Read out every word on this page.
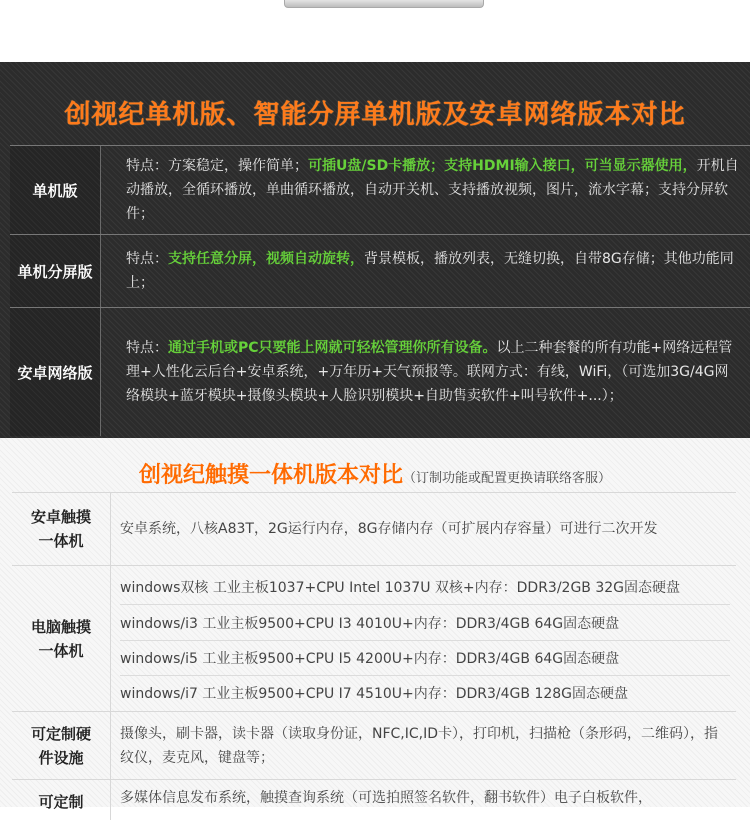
创视纪单机版、智能分屏单机版及安卓网络版本对比
单机版
特点：方案稳定，操作简单；可插U盘/SD卡播放；支持HDMI输入接口，可当显示器使用，开机自动播放，全循环播放，单曲循环播放，自动开关机、支持播放视频，图片，流水字幕；支持分屏软件；
单机分屏版
特点：支持任意分屏，视频自动旋转，背景模板，播放列表，无缝切换，自带8G存储；其他功能同上；
安卓网络版
特点：通过手机或PC只要能上网就可轻松管理你所有设备。以上二种套餐的所有功能+网络远程管理+人性化云后台+安卓系统，+万年历+天气预报等。联网方式：有线，WiFi，（可选加3G/4G网络模块+蓝牙模块+摄像头模块+人脸识别模块+自助售卖软件+叫号软件+...）；
创视纪触摸一体机版本对比（订制功能或配置更换请联络客服）
安卓触摸一体机
安卓系统，八核A83T，2G运行内存，8G存储内存（可扩展内存容量）可进行二次开发
电脑触摸一体机
windows双核 工业主板1037+CPU Intel 1037U 双核+内存：DDR3/2GB 32G固态硬盘
windows/i3 工业主板9500+CPU I3 4010U+内存：DDR3/4GB 64G固态硬盘
windows/i5 工业主板9500+CPU I5 4200U+内存：DDR3/4GB 64G固态硬盘
windows/i7 工业主板9500+CPU I7 4510U+内存：DDR3/4GB 128G固态硬盘
可定制硬件设施
摄像头，刷卡器，读卡器（读取身份证，NFC,IC,ID卡），打印机，扫描枪（条形码，二维码），指纹仪，麦克风，键盘等；
可定制	多媒体信息发布系统，触摸查询系统（可选拍照签名软件，翻书软件）电子白板软件，
